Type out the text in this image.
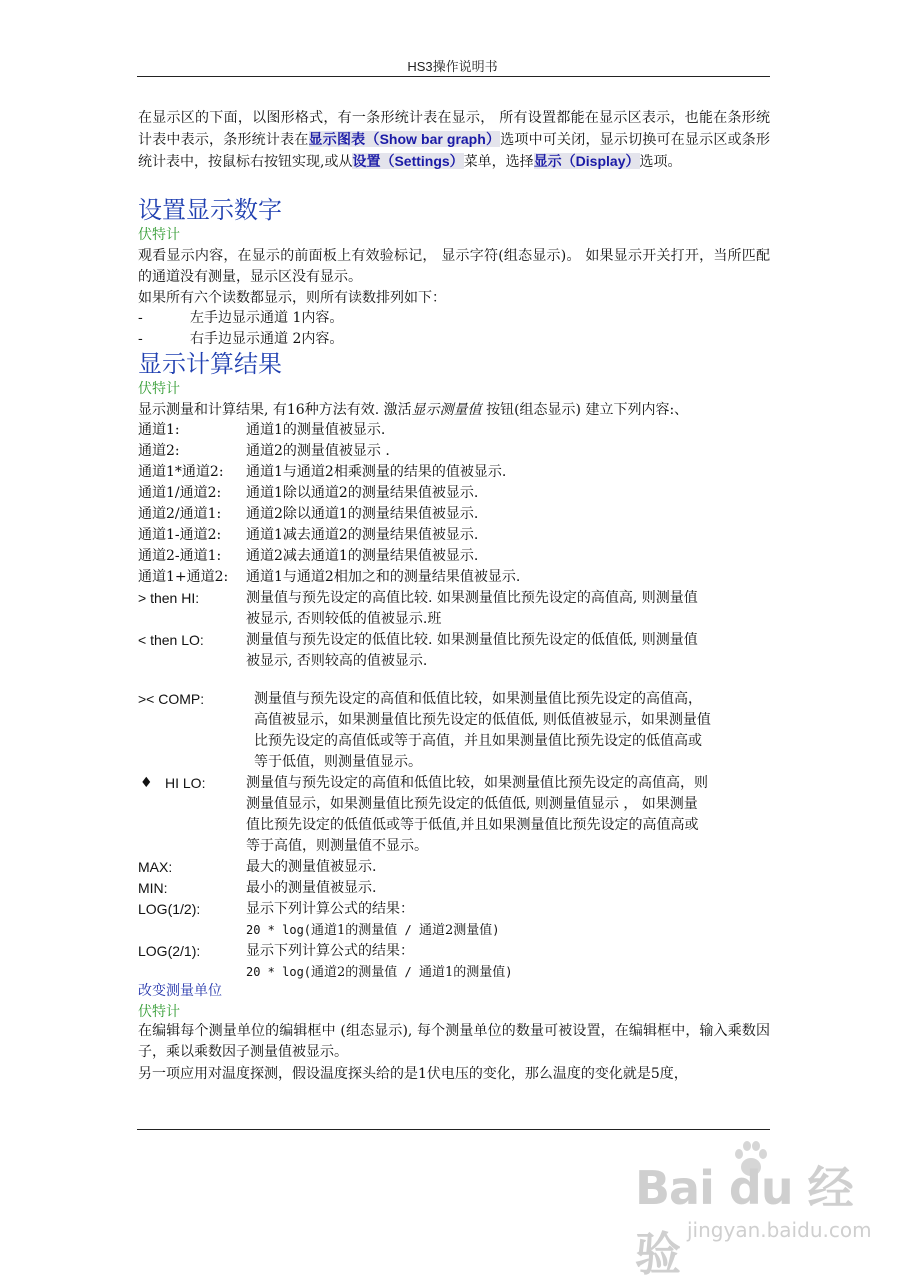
HS3操作说明书
在显示区的下面，以图形格式，有一条形统计表在显示， 所有设置都能在显示区表示，也能在条形统计表中表示，条形统计表在显示图表（Show bar graph）选项中可关闭，显示切换可在显示区或条形统计表中，按鼠标右按钮实现,或从设置（Settings）菜单，选择显示（Display）选项。
设置显示数字
伏特计
观看显示内容，在显示的前面板上有效验标记， 显示字符(组态显示)。 如果显示开关打开，当所匹配的通道没有测量，显示区没有显示。
如果所有六个读数都显示，则所有读数排列如下：
-	左手边显示通道 1内容。
-	右手边显示通道 2内容。
显示计算结果
伏特计
显示测量和计算结果, 有16种方法有效. 激活显示测量值 按钮(组态显示) 建立下列内容:、
通道1:	通道1的测量值被显示.
通道2:	通道2的测量值被显示 .
通道1*通道2: 通道1与通道2相乘测量的结果的值被显示.
通道1/通道2: 通道1除以通道2的测量结果值被显示.
通道2/通道1: 通道2除以通道1的测量结果值被显示.
通道1-通道2: 通道1减去通道2的测量结果值被显示.
通道2-通道1: 通道2减去通道1的测量结果值被显示.
通道1+通道2: 通道1与通道2相加之和的测量结果值被显示.
> then HI:	测量值与预先设定的高值比较. 如果测量值比预先设定的高值高, 则测量值
被显示, 否则较低的值被显示.班
< then LO:	测量值与预先设定的低值比较. 如果测量值比预先设定的低值低, 则测量值
被显示, 否则较高的值被显示.
>< COMP:	测量值与预先设定的高值和低值比较，如果测量值比预先设定的高值高，
高值被显示，如果测量值比预先设定的低值低, 则低值被显示，如果测量值
比预先设定的高值低或等于高值，并且如果测量值比预先设定的低值高或
等于低值，则测量值显示。
♦ HI LO:	测量值与预先设定的高值和低值比较，如果测量值比预先设定的高值高，则
测量值显示，如果测量值比预先设定的低值低, 则测量值显示 ， 如果测量
值比预先设定的低值低或等于低值,并且如果测量值比预先设定的高值高或
等于高值，则测量值不显示。
MAX:	最大的测量值被显示.
MIN:	最小的测量值被显示.
LOG(1/2):	显示下列计算公式的结果：
20 * log(通道1的测量值 / 通道2测量值)
LOG(2/1):	显示下列计算公式的结果：
20 * log(通道2的测量值 / 通道1的测量值)
改变测量单位
伏特计
在编辑每个测量单位的编辑框中 (组态显示), 每个测量单位的数量可被设置，在编辑框中，输入乘数因子，乘以乘数因子测量值被显示。
另一项应用对温度探测，假设温度探头给的是1伏电压的变化，那么温度的变化就是5度，
Bai du 经验 jingyan.baidu.com
